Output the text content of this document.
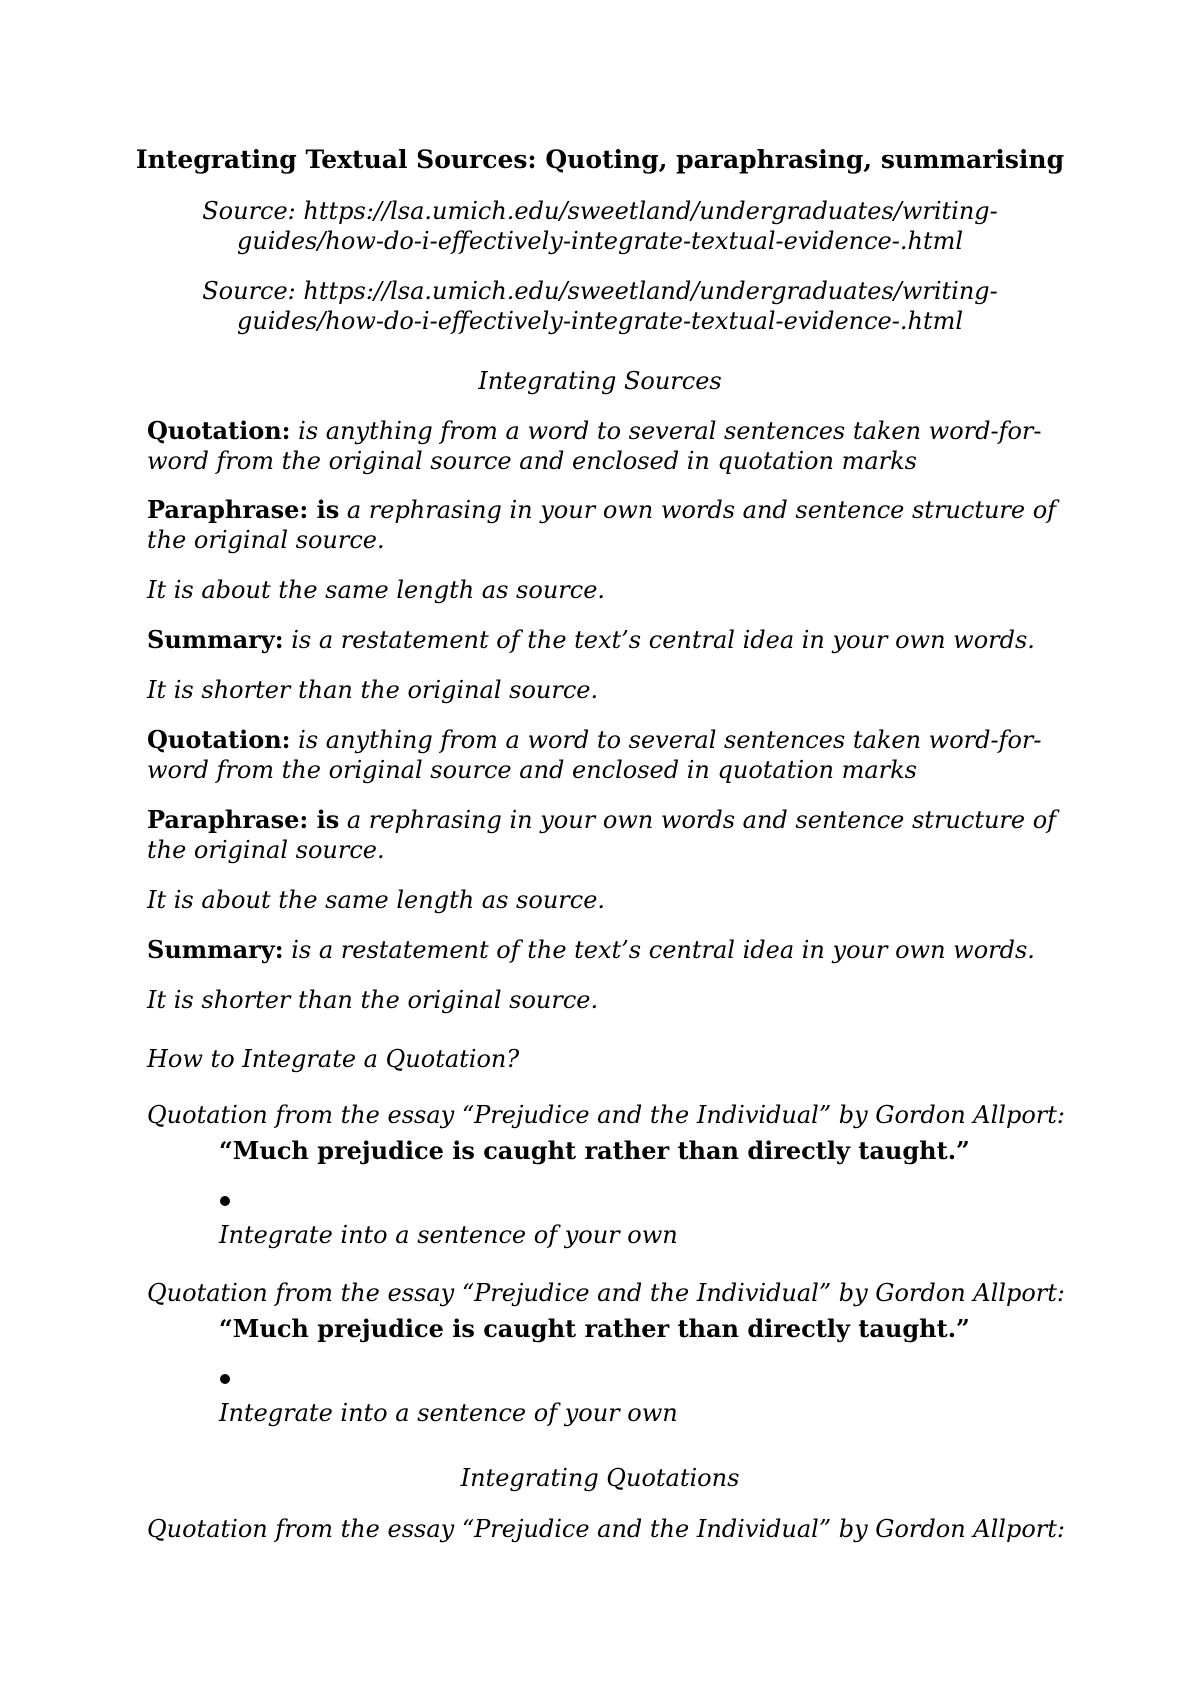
Integrating Textual Sources: Quoting, paraphrasing, summarising
Source: https://lsa.umich.edu/sweetland/undergraduates/writing-
guides/how-do-i-effectively-integrate-textual-evidence-.html
Source: https://lsa.umich.edu/sweetland/undergraduates/writing-
guides/how-do-i-effectively-integrate-textual-evidence-.html
Integrating Sources
Quotation: is anything from a word to several sentences taken word-for-
word from the original source and enclosed in quotation marks
Paraphrase: is a rephrasing in your own words and sentence structure of
the original source.
It is about the same length as source.
Summary: is a restatement of the text’s central idea in your own words.
It is shorter than the original source.
Quotation: is anything from a word to several sentences taken word-for-
word from the original source and enclosed in quotation marks
Paraphrase: is a rephrasing in your own words and sentence structure of
the original source.
It is about the same length as source.
Summary: is a restatement of the text’s central idea in your own words.
It is shorter than the original source.
How to Integrate a Quotation?
Quotation from the essay “Prejudice and the Individual” by Gordon Allport:
“Much prejudice is caught rather than directly taught.”
Integrate into a sentence of your own
Quotation from the essay “Prejudice and the Individual” by Gordon Allport:
“Much prejudice is caught rather than directly taught.”
Integrate into a sentence of your own
Integrating Quotations
Quotation from the essay “Prejudice and the Individual” by Gordon Allport:
